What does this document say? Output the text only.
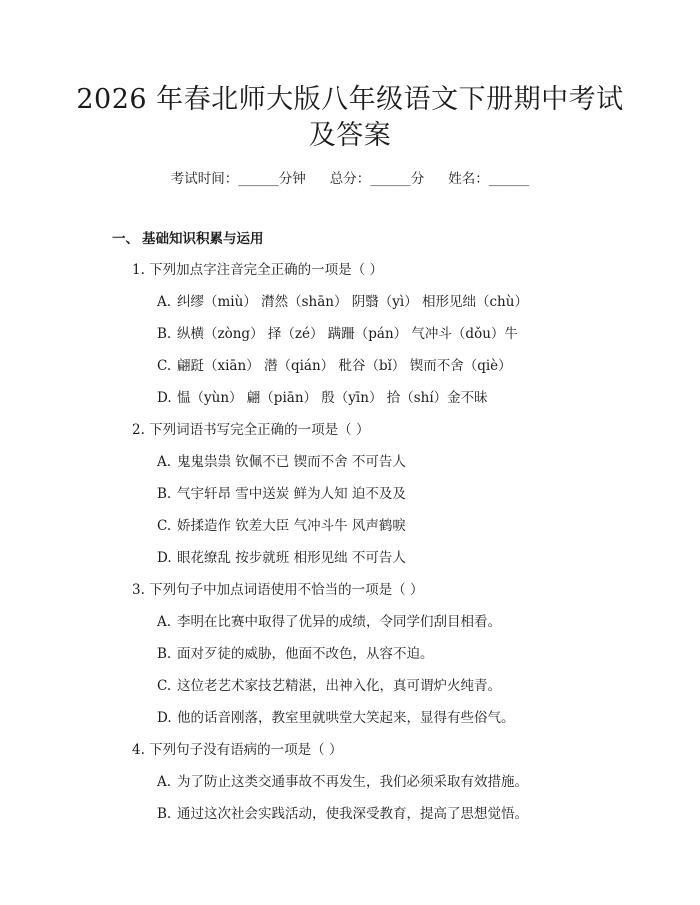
2026 年春北师大版八年级语文下册期中考试
及答案
考试时间：______分钟 总分：______分 姓名：______
一、 基础知识积累与运用
1. 下列加点字注音完全正确的一项是（ ）
A. 纠缪（miù） 潸然（shān） 阴翳（yì） 相形见绌（chù）
B. 纵横（zòng） 择（zé） 蹒跚（pán） 气冲斗（dǒu）牛
C. 翩跹（xiān） 潜（qián） 秕谷（bǐ） 锲而不舍（qiè）
D. 愠（yùn） 翩（piān） 殷（yīn） 拾（shí）金不昧
2. 下列词语书写完全正确的一项是（ ）
A. 鬼鬼祟祟 钦佩不已 锲而不舍 不可告人
B. 气宇轩昂 雪中送炭 鲜为人知 迫不及及
C. 娇揉造作 钦差大臣 气冲斗牛 风声鹤唳
D. 眼花缭乱 按步就班 相形见绌 不可告人
3. 下列句子中加点词语使用不恰当的一项是（ ）
A. 李明在比赛中取得了优异的成绩，令同学们刮目相看。
B. 面对歹徒的威胁，他面不改色，从容不迫。
C. 这位老艺术家技艺精湛，出神入化，真可谓炉火纯青。
D. 他的话音刚落，教室里就哄堂大笑起来，显得有些俗气。
4. 下列句子没有语病的一项是（ ）
A. 为了防止这类交通事故不再发生，我们必须采取有效措施。
B. 通过这次社会实践活动，使我深受教育，提高了思想觉悟。
